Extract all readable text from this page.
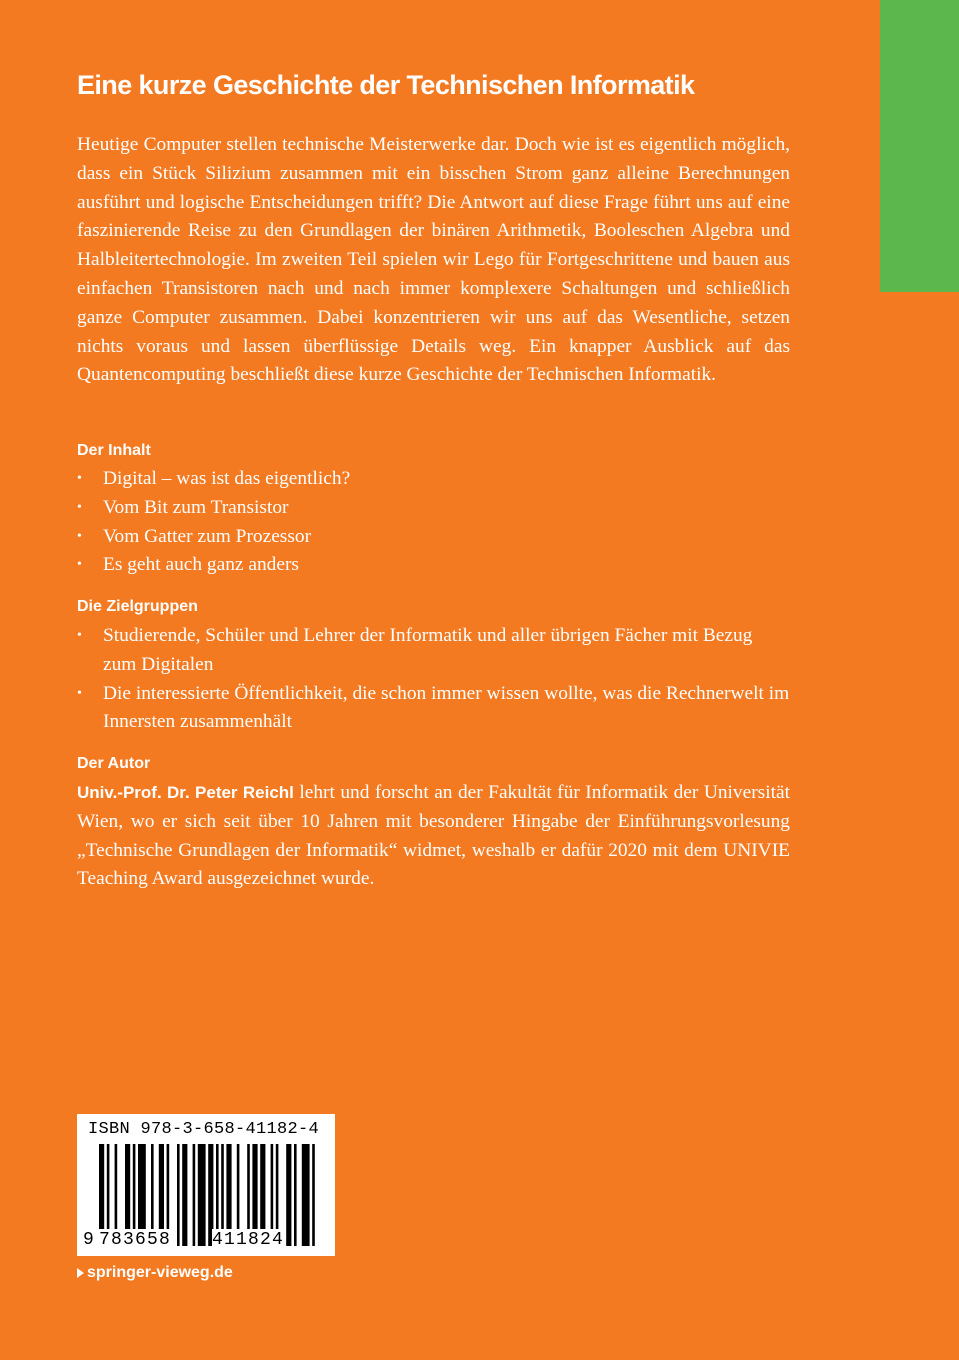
Eine kurze Geschichte der Technischen Informatik

Heutige Computer stellen technische Meisterwerke dar. Doch wie ist es eigentlich möglich, dass ein Stück Silizium zusammen mit ein bisschen Strom ganz alleine Berechnungen ausführt und logische Entscheidungen trifft? Die Antwort auf diese Frage führt uns auf eine faszinierende Reise zu den Grundlagen der binären Arithmetik, Booleschen Algebra und Halbleitertechnologie. Im zweiten Teil spielen wir Lego für Fortgeschrittene und bauen aus einfachen Transistoren nach und nach immer komplexere Schaltungen und schließlich ganze Computer zusammen. Dabei konzentrieren wir uns auf das Wesentliche, setzen nichts voraus und lassen überflüssige Details weg. Ein knapper Ausblick auf das Quantencomputing beschließt diese kurze Geschichte der Technischen Informatik.

Der Inhalt
• Digital – was ist das eigentlich?
• Vom Bit zum Transistor
• Vom Gatter zum Prozessor
• Es geht auch ganz anders
Die Zielgruppen
• Studierende, Schüler und Lehrer der Informatik und aller übrigen Fächer mit Bezug zum Digitalen
• Die interessierte Öffentlichkeit, die schon immer wissen wollte, was die Rechnerwelt im Innersten zusammenhält
Der Autor

Univ.-Prof. Dr. Peter Reichl lehrt und forscht an der Fakultät für Informatik der Universität Wien, wo er sich seit über 10 Jahren mit besonderer Hingabe der Einführungsvorlesung „Technische Grundlagen der Informatik“ widmet, weshalb er dafür 2020 mit dem UNIVIE Teaching Award ausgezeichnet wurde.

ISBN 978-3-658-41182-4
9 783658 411824
springer-vieweg.de
